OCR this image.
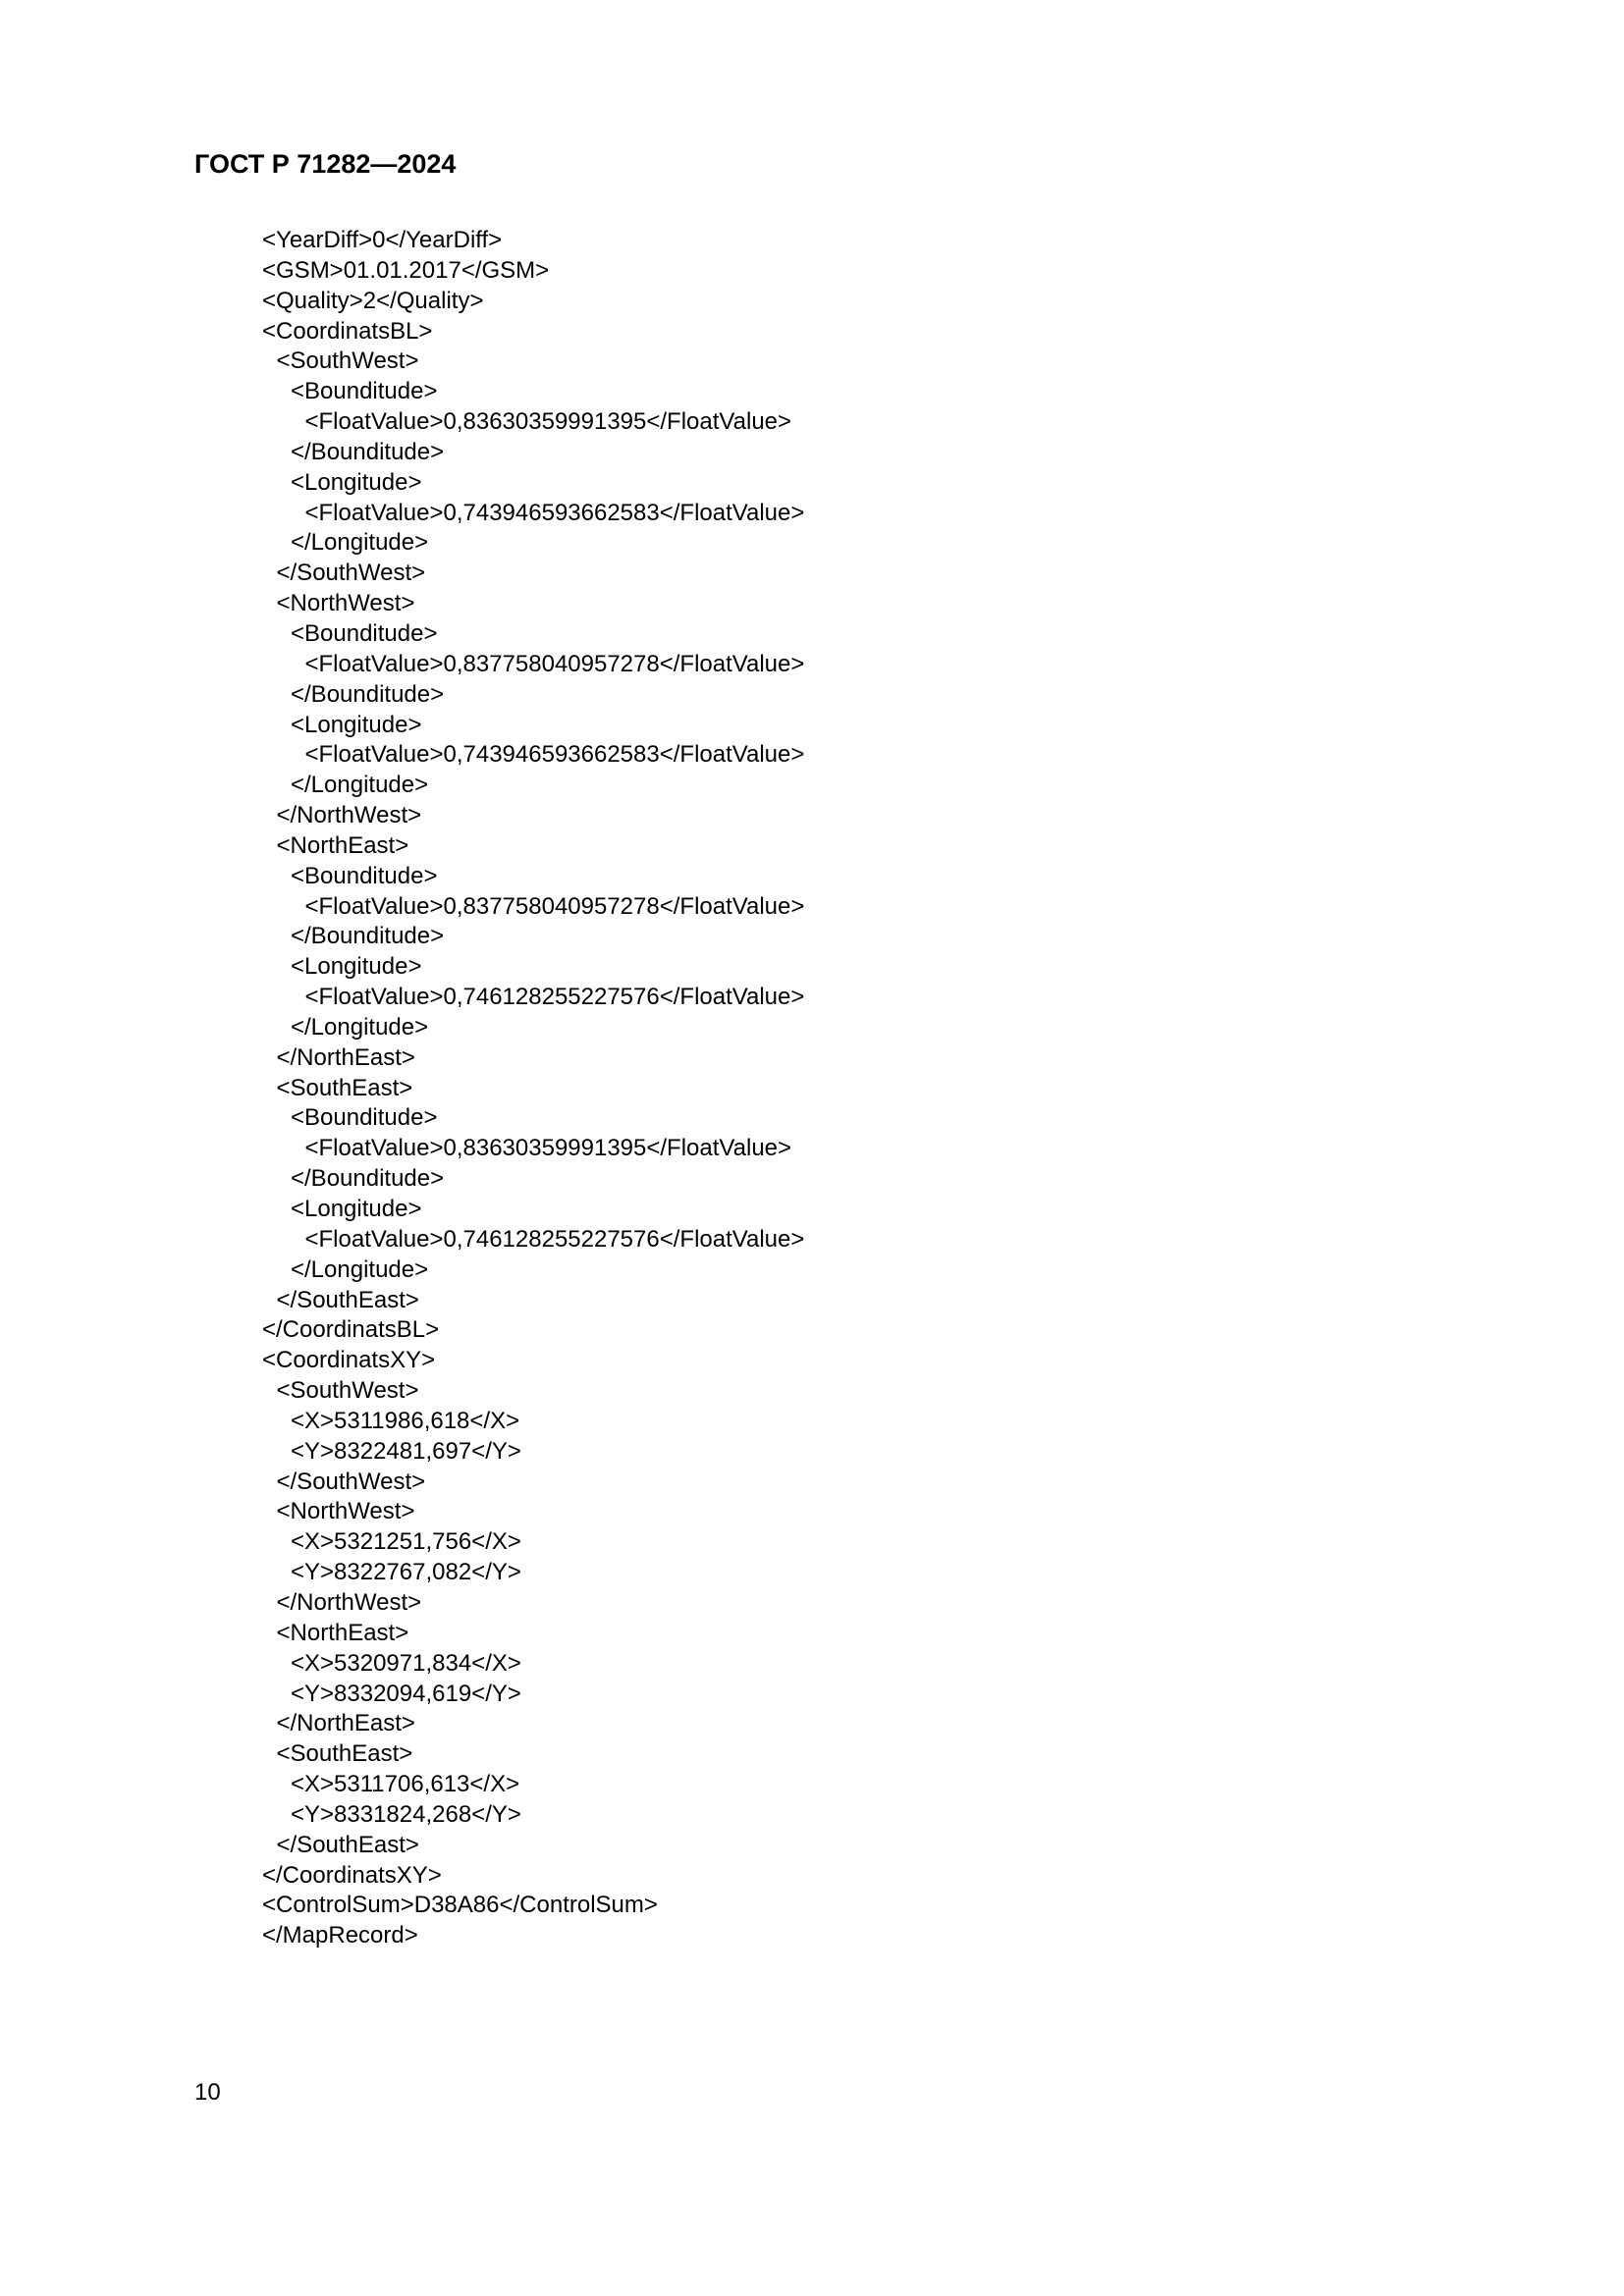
ГОСТ Р 71282—2024
<YearDiff>0</YearDiff>
<GSM>01.01.2017</GSM>
<Quality>2</Quality>
<CoordinatsBL>
<SouthWest>
<Bounditude>
<FloatValue>0,83630359991395</FloatValue>
</Bounditude>
<Longitude>
<FloatValue>0,743946593662583</FloatValue>
</Longitude>
</SouthWest>
<NorthWest>
<Bounditude>
<FloatValue>0,837758040957278</FloatValue>
</Bounditude>
<Longitude>
<FloatValue>0,743946593662583</FloatValue>
</Longitude>
</NorthWest>
<NorthEast>
<Bounditude>
<FloatValue>0,837758040957278</FloatValue>
</Bounditude>
<Longitude>
<FloatValue>0,746128255227576</FloatValue>
</Longitude>
</NorthEast>
<SouthEast>
<Bounditude>
<FloatValue>0,83630359991395</FloatValue>
</Bounditude>
<Longitude>
<FloatValue>0,746128255227576</FloatValue>
</Longitude>
</SouthEast>
</CoordinatsBL>
<CoordinatsXY>
<SouthWest>
<X>5311986,618</X>
<Y>8322481,697</Y>
</SouthWest>
<NorthWest>
<X>5321251,756</X>
<Y>8322767,082</Y>
</NorthWest>
<NorthEast>
<X>5320971,834</X>
<Y>8332094,619</Y>
</NorthEast>
<SouthEast>
<X>5311706,613</X>
<Y>8331824,268</Y>
</SouthEast>
</CoordinatsXY>
<ControlSum>D38A86</ControlSum>
</MapRecord>
10
